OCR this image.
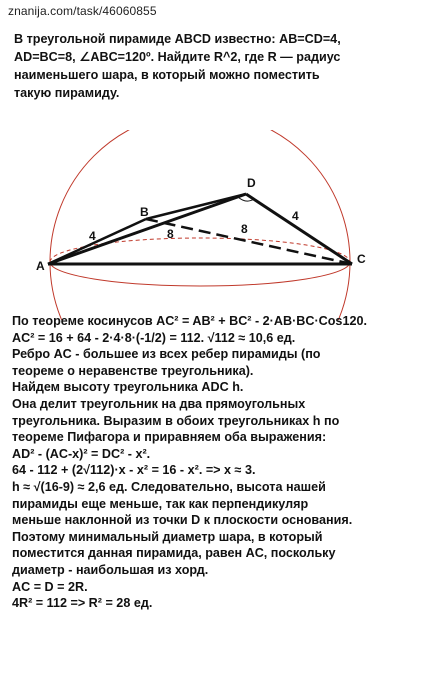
znanija.com/task/46060855
В треугольной пирамиде ABCD известно: AB=CD=4,
AD=BC=8, ∠ABC=120º. Найдите R^2, где R — радиус
наименьшего шара, в который можно поместить
такую пирамиду.
A
B
C
D
4	8	8
4
По теореме косинусов AC² = AB² + BC² - 2·AB·BC·Cos120.
AC² = 16 + 64 - 2·4·8·(-1/2) = 112. √112 ≈ 10,6 ед.
Ребро AC - большее из всех ребер пирамиды (по
теореме о неравенстве треугольника).
Найдем высоту треугольника ADC h.
Она делит треугольник на два прямоугольных
треугольника. Выразим в обоих треугольниках h по
теореме Пифагора и приравняем оба выражения:
AD² - (AC-x)² = DC² - x².
64 - 112 + (2√112)·x - x² = 16 - x². => x ≈ 3.
h ≈ √(16-9) ≈ 2,6 ед. Следовательно, высота нашей
пирамиды еще меньше, так как перпендикуляр
меньше наклонной из точки D к плоскости основания.
Поэтому минимальный диаметр шара, в который
поместится данная пирамида, равен AC, поскольку
диаметр - наибольшая из хорд.
AC = D = 2R.
4R² = 112 => R² = 28 ед.
